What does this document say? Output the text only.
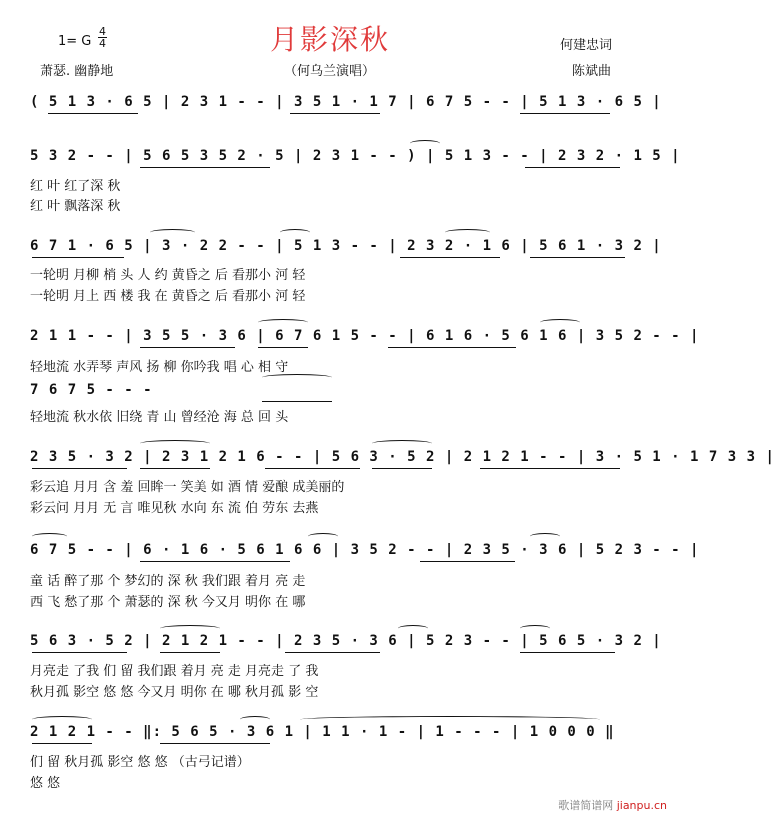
月影深秋
1= G $\frac{4}{4}$
萧瑟. 幽静地	（何乌兰演唱）
何建忠词
陈斌曲
( 5 1 3 · 6 5 | 2 3 1 - - | 3 5 1 · 1 7 | 6 7 5 - - | 5 1 3 · 6 5 |
5 3 2 - - | 5 6 5 3 5 2 · 5 | 2 3 1 - - ) | 5 1 3 - - | 2 3 2 · 1 5 |
红 叶 红了深 秋
红 叶 飘落深 秋
6 7 1 · 6 5 | 3 · 2 2 - - | 5 1 3 - - | 2 3 2 · 1 6 | 5 6 1 · 3 2 |
一轮明 月柳 梢 头 人 约 黄昏之 后 看那小 河 轻
一轮明 月上 西 楼 我 在 黄昏之 后 看那小 河 轻
2 1 1 - - | 3 5 5 · 3 6 | 6 7 6 1 5 - - | 6 1 6 · 5 6 1 6 | 3 5 2 - - |
轻地流 水弄琴 声风 扬 柳 你吟我 唱 心 相 守
7 6 7 5 - - -
轻地流 秋水依 旧绕 青 山 曾经沧 海 总 回 头
2 3 5 · 3 2 | 2 3 1 2 1 6 - - | 5 6 3 · 5 2 | 2 1 2 1 - - | 3 · 5 1 · 1 7 3 3 |
彩云追 月月 含 羞 回眸一 笑美 如 酒 情 爱酿 成美丽的
彩云问 月月 无 言 唯见秋 水向 东 流 伯 劳东 去燕
6 7 5 - - | 6 · 1 6 · 5 6 1 6 6 | 3 5 2 - - | 2 3 5 · 3 6 | 5 2 3 - - |
童 话 醉了那 个 梦幻的 深 秋 我们跟 着月 亮 走
西 飞 愁了那 个 萧瑟的 深 秋 今又月 明你 在 哪
5 6 3 · 5 2 | 2 1 2 1 - - | 2 3 5 · 3 6 | 5 2 3 - - | 5 6 5 · 3 2 |
月亮走 了我 们 留 我们跟 着月 亮 走 月亮走 了 我
秋月孤 影空 悠 悠 今又月 明你 在 哪 秋月孤 影 空
2 1 2 1 - - ‖: 5 6 5 · 3 6 1 | 1 1 · 1 - | 1 - - - | 1 0 0 0 ‖
们 留 秋月孤 影空 悠 悠 （古弓记谱）
悠 悠
歌谱简谱网 jianpu.cn
